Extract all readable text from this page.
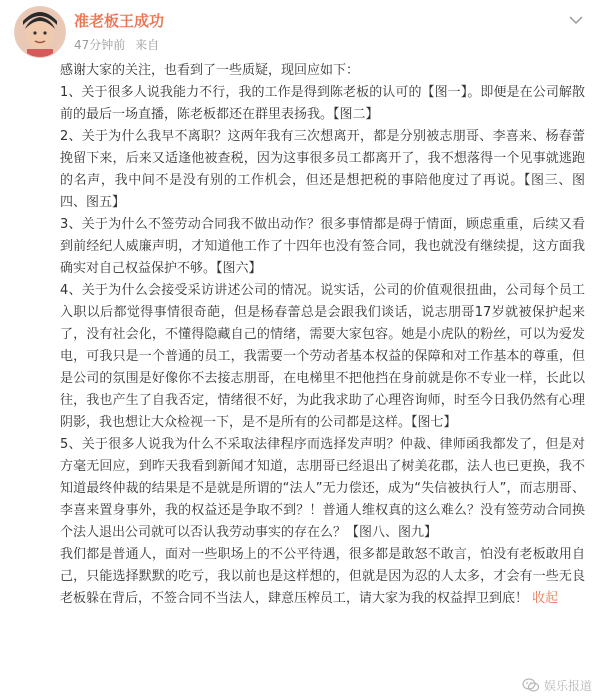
准老板王成功
47分钟前 来自

感谢大家的关注，也看到了一些质疑，现回应如下：

1、关于很多人说我能力不行，我的工作是得到陈老板的认可的【图一】。即便是在公司解散前的最后一场直播，陈老板都还在群里表扬我。【图二】

2、关于为什么我早不离职？这两年我有三次想离开，都是分别被志朋哥、李喜来、杨春蕾挽留下来，后来又适逢他被查税，因为这事很多员工都离开了，我不想落得一个见事就逃跑的名声，我中间不是没有别的工作机会，但还是想把税的事陪他度过了再说。【图三、图四、图五】

3、关于为什么不签劳动合同我不做出动作？很多事情都是碍于情面，顾虑重重，后续又看到前经纪人威廉声明，才知道他工作了十四年也没有签合同，我也就没有继续提，这方面我确实对自己权益保护不够。【图六】

4、关于为什么会接受采访讲述公司的情况。说实话，公司的价值观很扭曲，公司每个员工入职以后都觉得事情很奇葩，但是杨春蕾总是会跟我们谈话，说志朋哥17岁就被保护起来了，没有社会化，不懂得隐藏自己的情绪，需要大家包容。她是小虎队的粉丝，可以为爱发电，可我只是一个普通的员工，我需要一个劳动者基本权益的保障和对工作基本的尊重，但是公司的氛围是好像你不去接志朋哥，在电梯里不把他挡在身前就是你不专业一样，长此以往，我也产生了自我否定，情绪很不好，为此我求助了心理咨询师，时至今日我仍然有心理阴影，我也想让大众检视一下，是不是所有的公司都是这样。【图七】

5、关于很多人说我为什么不采取法律程序而选择发声明？仲裁、律师函我都发了，但是对方毫无回应，到昨天我看到新闻才知道，志朋哥已经退出了树美花郡，法人也已更换，我不知道最终仲裁的结果是不是就是所谓的“法人”无力偿还，成为“失信被执行人”，而志朋哥、李喜来置身事外，我的权益还是争取不到？！普通人维权真的这么难么？没有签劳动合同换个法人退出公司就可以否认我劳动事实的存在么？【图八、图九】

我们都是普通人，面对一些职场上的不公平待遇，很多都是敢怒不敢言，怕没有老板敢用自己，只能选择默默的吃亏，我以前也是这样想的，但就是因为忍的人太多，才会有一些无良老板躲在背后，不签合同不当法人，肆意压榨员工，请大家为我的权益捍卫到底！ 收起

娱乐报道
